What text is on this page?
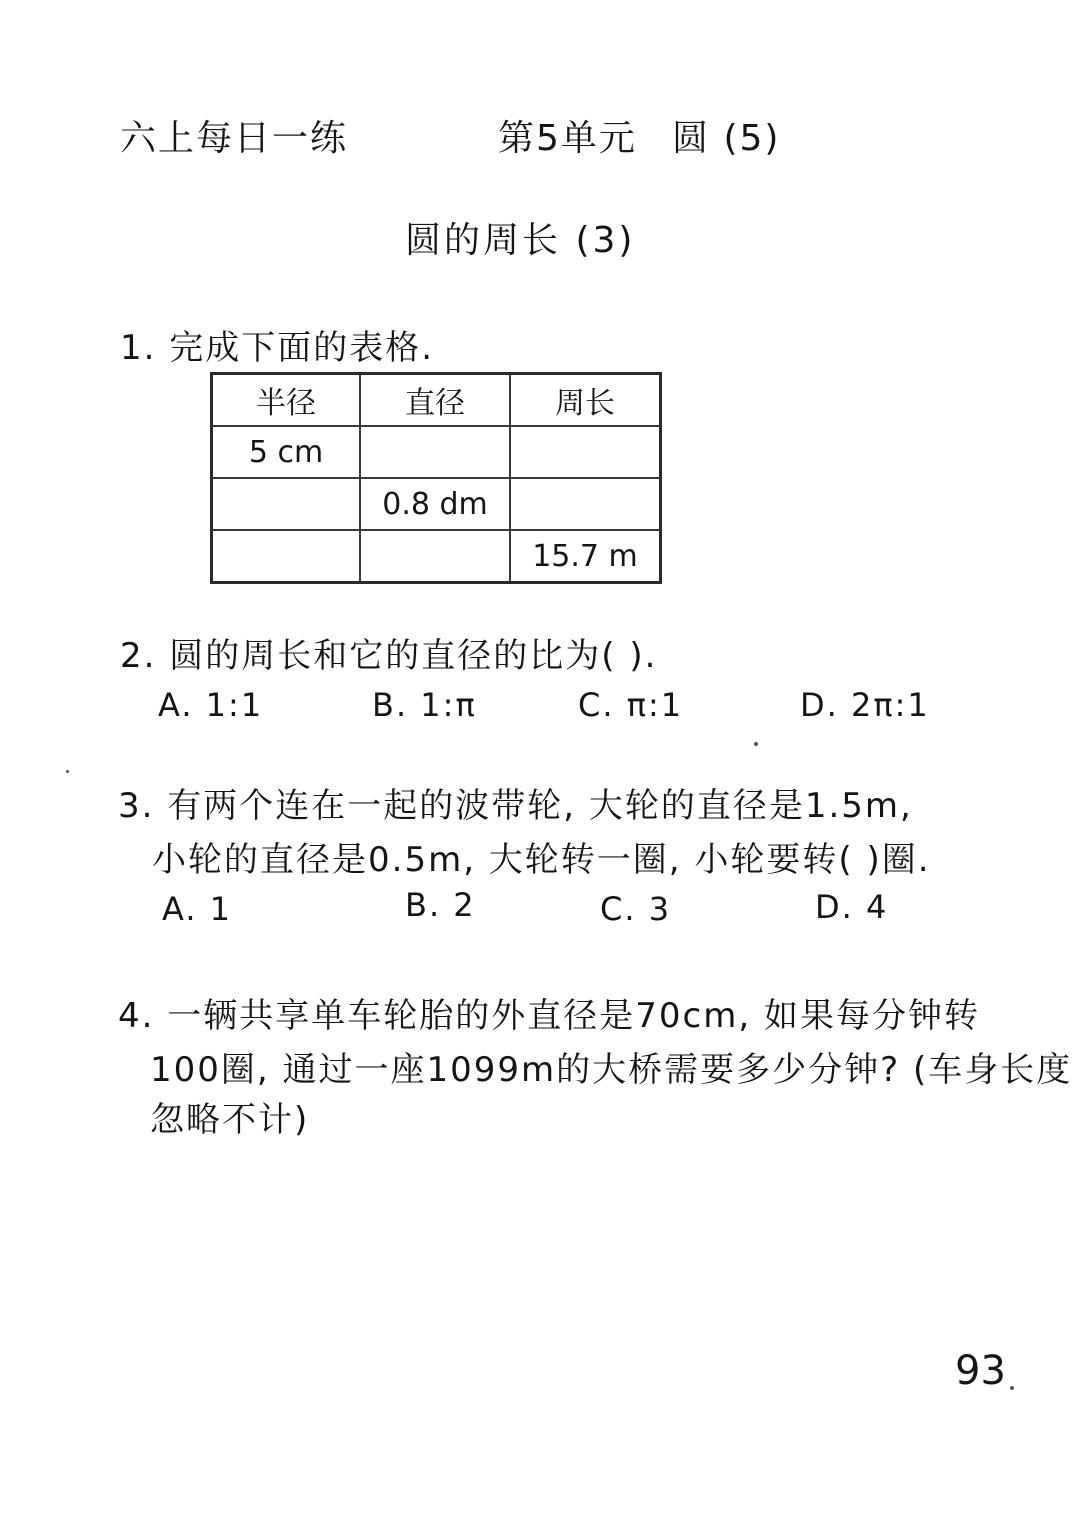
六上每日一练	第5单元 圆 (5)
圆的周长 (3)
1. 完成下面的表格.
半径	直径	周长
5 cm		
	0.8 dm	
		15.7 m
2. 圆的周长和它的直径的比为( ).
A. 1:1	B. 1:π	C. π:1	D. 2π:1
3. 有两个连在一起的波带轮, 大轮的直径是1.5m,
小轮的直径是0.5m, 大轮转一圈, 小轮要转( )圈.
A. 1	B. 2	C. 3	D. 4
4. 一辆共享单车轮胎的外直径是70cm, 如果每分钟转
100圈, 通过一座1099m的大桥需要多少分钟? (车身长度
忽略不计)
93
